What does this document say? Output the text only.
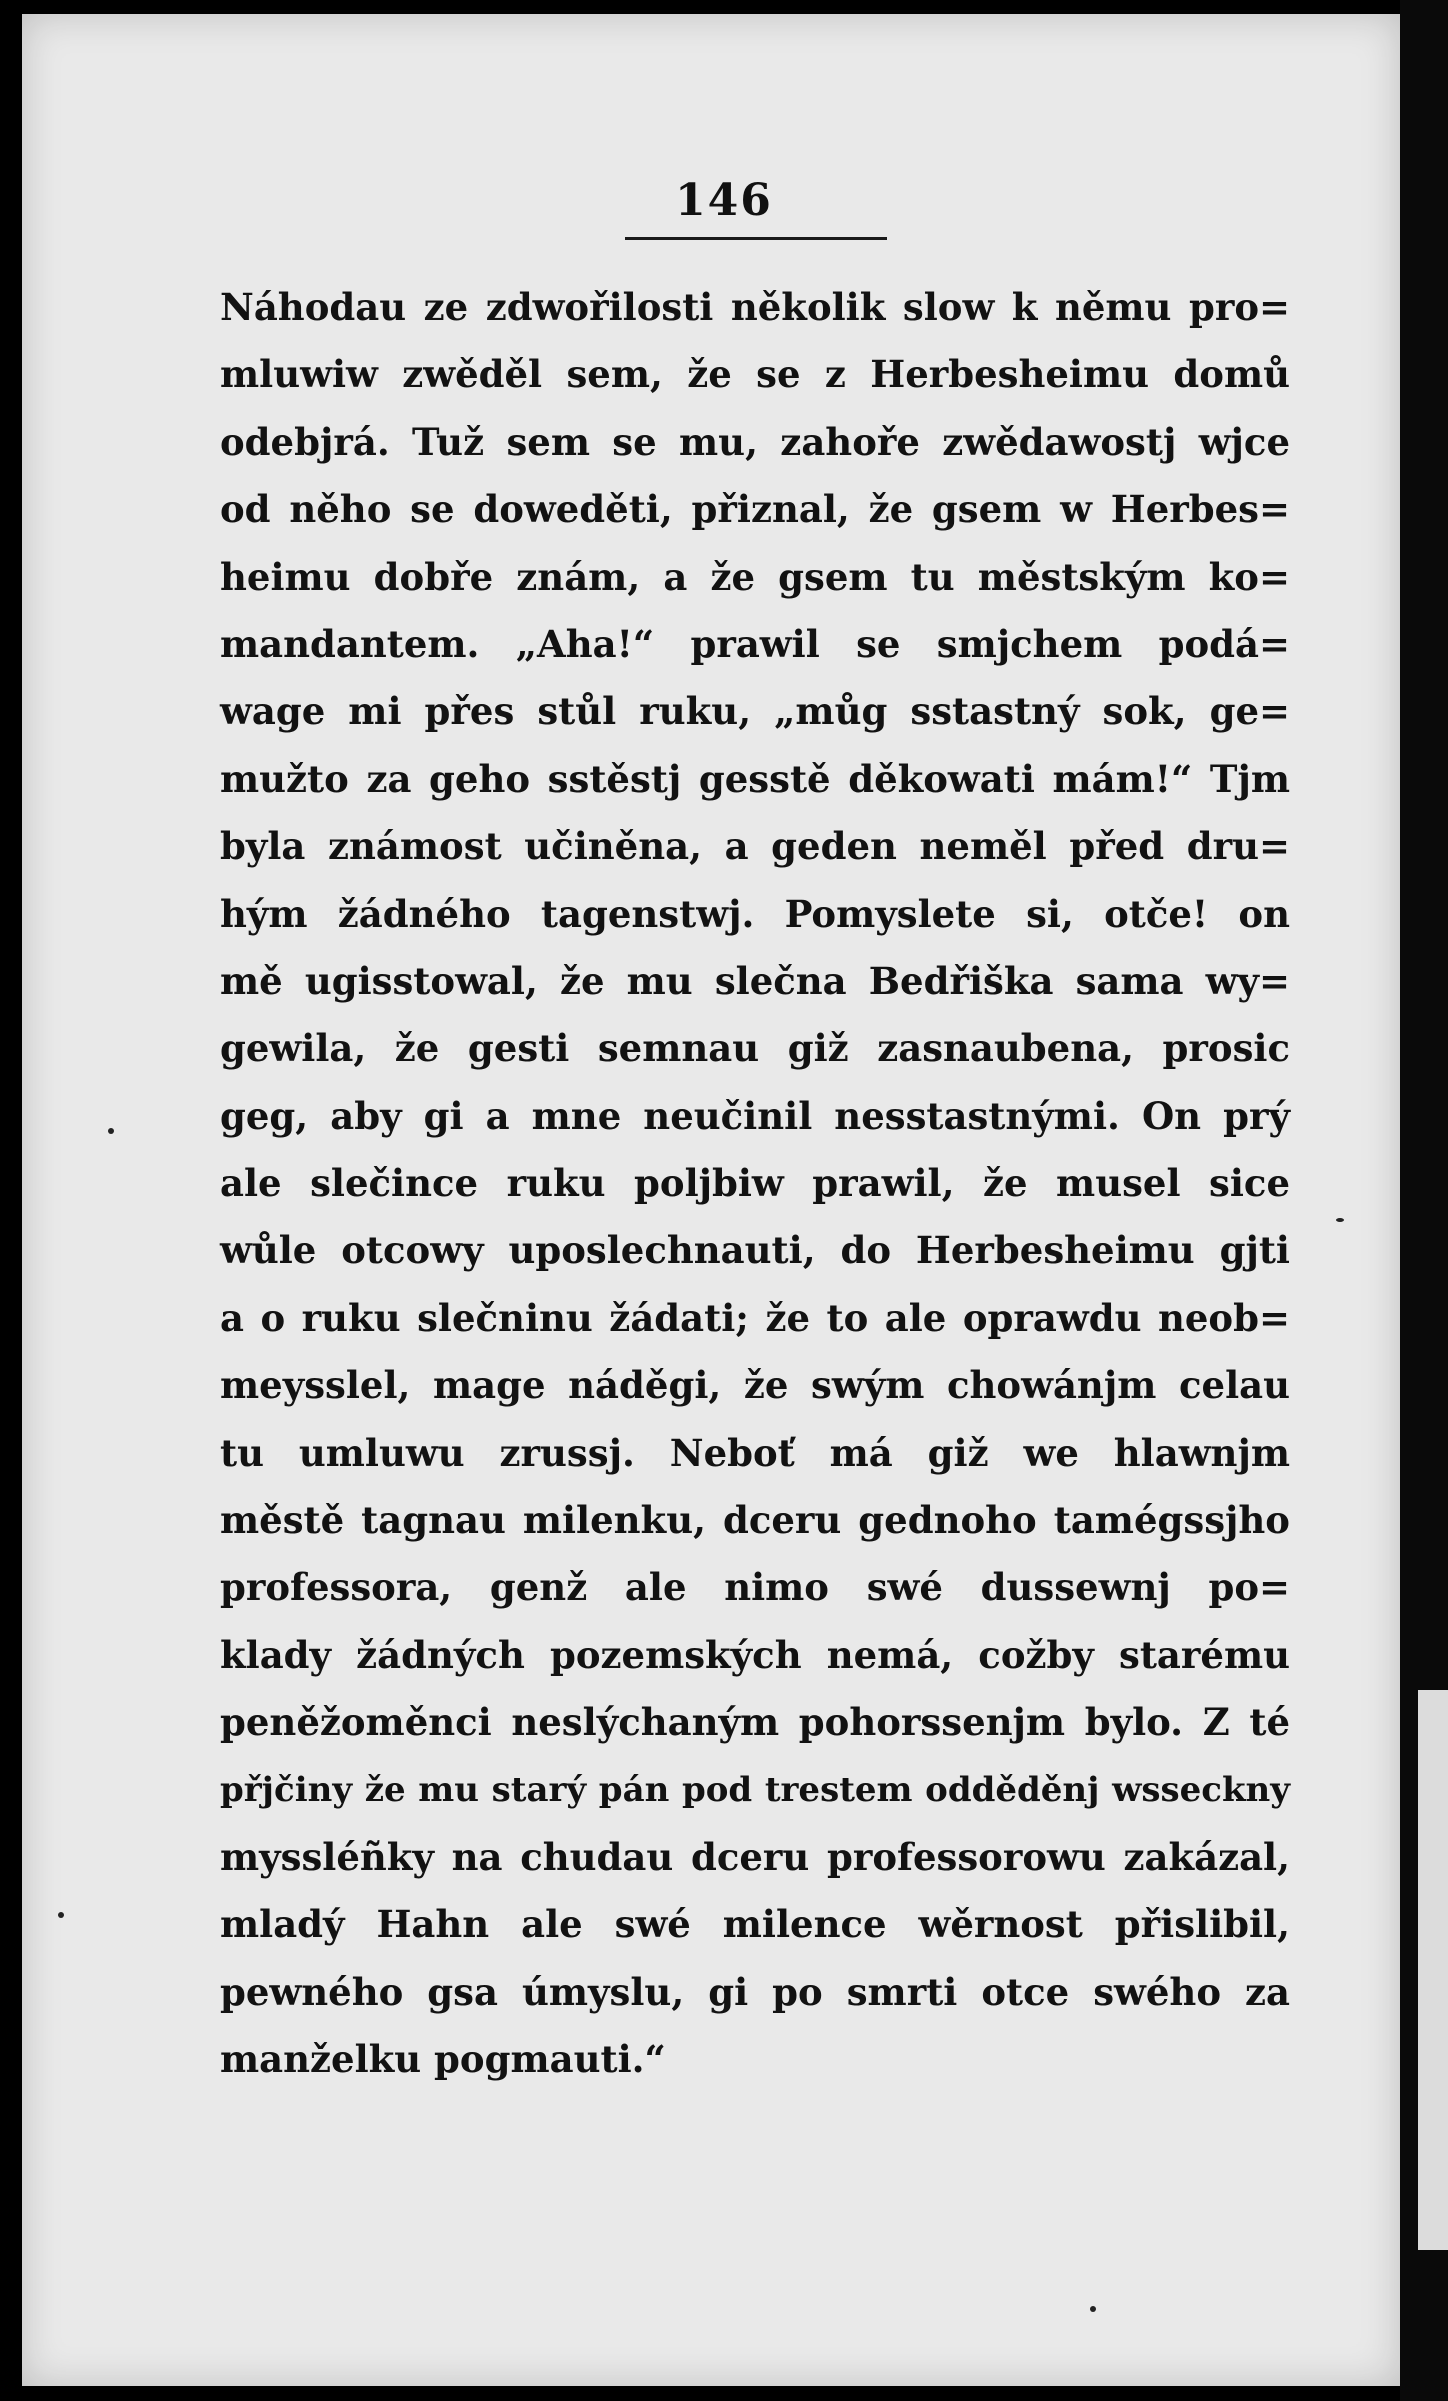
146
Náhodau ze zdwořilosti několik slow k němu pro=
mluwiw zwěděl sem, že se z Herbesheimu domů
odebjrá. Tuž sem se mu, zahoře zwědawostj wjce
od něho se doweděti, přiznal, že gsem w Herbes=
heimu dobře znám, a že gsem tu městským ko=
mandantem. „Aha!“ prawil se smjchem podá=
wage mi přes stůl ruku, „můg sstastný sok, ge=
mužto za geho sstěstj gesstě děkowati mám!“ Tjm
byla známost učiněna, a geden neměl před dru=
hým žádného tagenstwj. Pomyslete si, otče! on
mě ugisstowal, že mu slečna Bedřiška sama wy=
gewila, že gesti semnau giž zasnaubena, prosic
geg, aby gi a mne neučinil nesstastnými. On prý
ale slečince ruku poljbiw prawil, že musel sice
wůle otcowy uposlechnauti, do Herbesheimu gjti
a o ruku slečninu žádati; že to ale oprawdu neob=
meysslel, mage náděgi, že swým chowánjm celau
tu umluwu zrussj. Neboť má giž we hlawnjm
městě tagnau milenku, dceru gednoho tamégssjho
professora, genž ale nimo swé dussewnj po=
klady žádných pozemských nemá, cožby starému
peněžoměnci neslýchaným pohorssenjm bylo. Z té
přjčiny že mu starý pán pod trestem odděděnj wsseckny
myssléñky na chudau dceru professorowu zakázal,
mladý Hahn ale swé milence wěrnost přislibil,
pewného gsa úmyslu, gi po smrti otce swého za
manželku pogmauti.“
